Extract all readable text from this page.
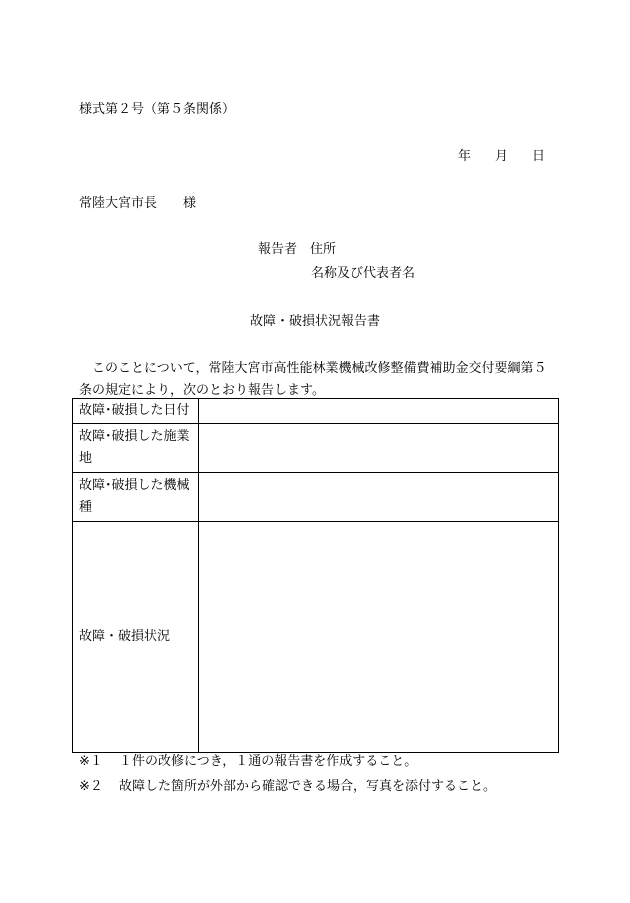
様式第２号（第５条関係）
年 月 日
常陸大宮市長 様
報告者 住所
名称及び代表者名
故障・破損状況報告書
　このことについて，常陸大宮市高性能林業機械改修整備費補助金交付要綱第５条の規定により，次のとおり報告します。
故障･破損した日付	
故障･破損した施業地	
故障･破損した機械種	
故障・破損状況	
※１ １件の改修につき，１通の報告書を作成すること。
※２ 故障した箇所が外部から確認できる場合，写真を添付すること。
